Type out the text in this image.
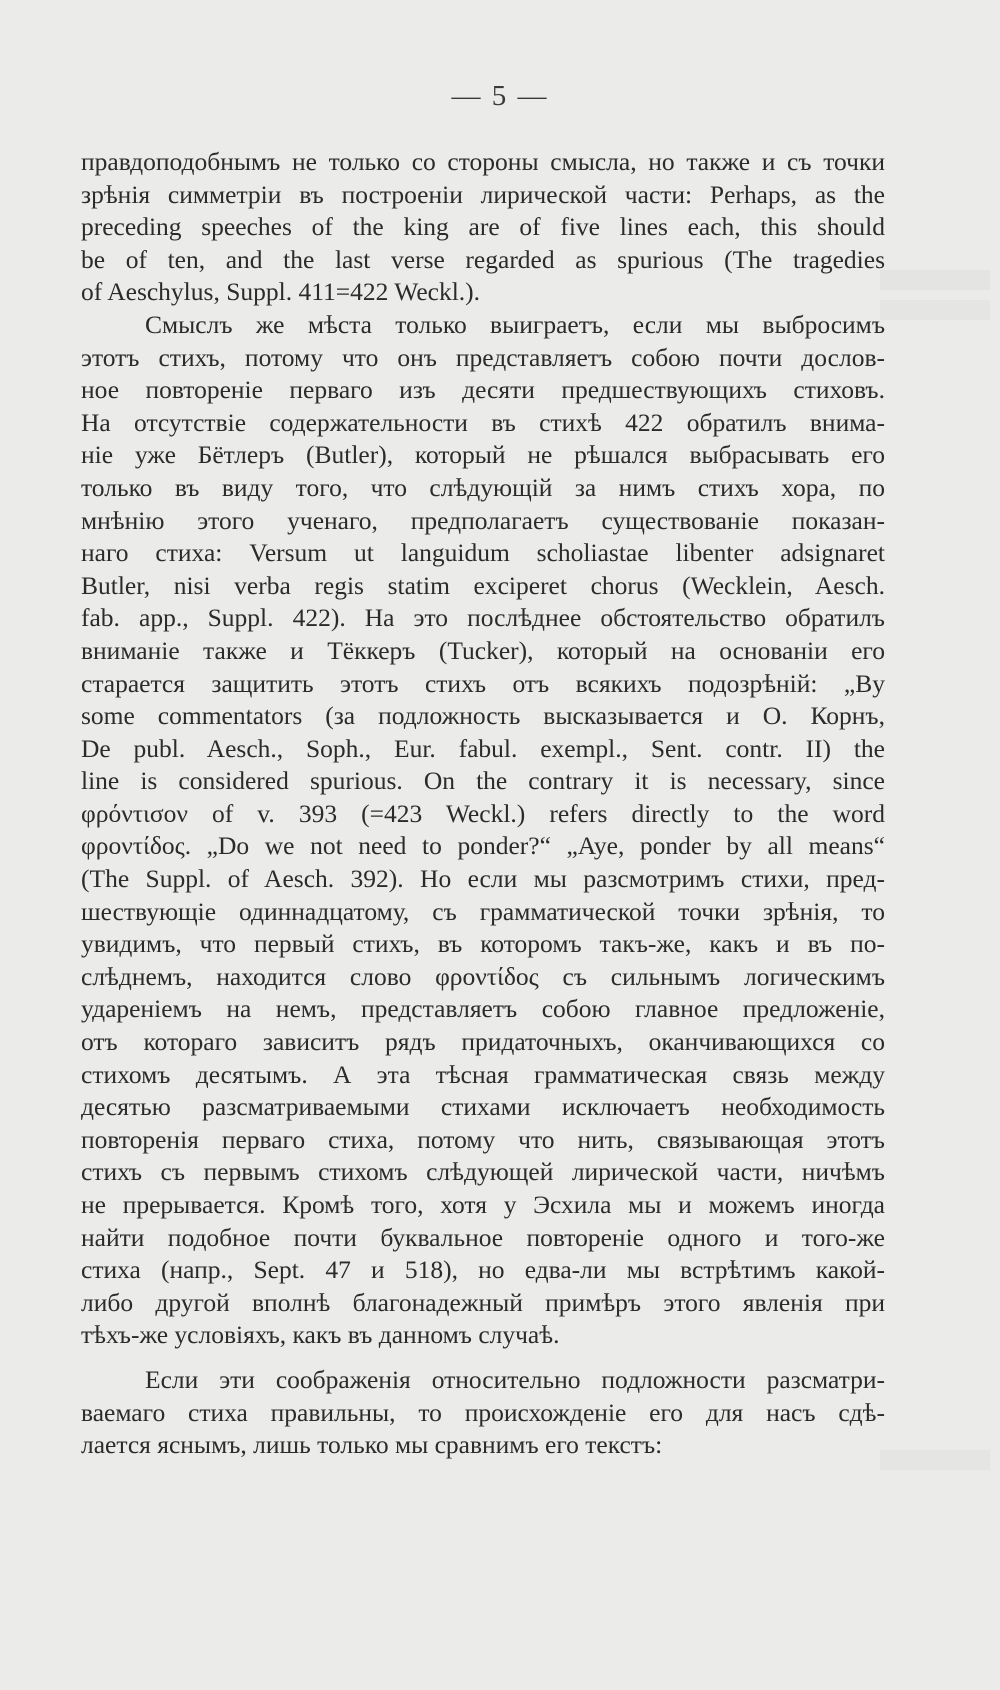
— 5 —
правдоподобнымъ не только со стороны смысла, но также и съ точки
зрѣнія симметріи въ построеніи лирической части: Perhaps, as the
preceding speeches of the king are of five lines each, this should
be of ten, and the last verse regarded as spurious (The tragedies
of Aeschylus, Suppl. 411=422 Weckl.).
Смыслъ же мѣста только выиграетъ, если мы выбросимъ
этотъ стихъ, потому что онъ представляетъ собою почти дослов-
ное повтореніе перваго изъ десяти предшествующихъ стиховъ.
На отсутствіе содержательности въ стихѣ 422 обратилъ внима-
ніе уже Бётлеръ (Butler), который не рѣшался выбрасывать его
только въ виду того, что слѣдующій за нимъ стихъ хора, по
мнѣнію этого ученаго, предполагаетъ существованіе показан-
наго стиха: Versum ut languidum scholiastae libenter adsignaret
Butler, nisi verba regis statim exciperet chorus (Wecklein, Aesch.
fab. app., Suppl. 422). На это послѣднее обстоятельство обратилъ
вниманіе также и Тёккеръ (Tucker), который на основаніи его
старается защитить этотъ стихъ отъ всякихъ подозрѣній: „By
some commentators (за подложность высказывается и О. Корнъ,
De publ. Aesch., Soph., Eur. fabul. exempl., Sent. contr. II) the
line is considered spurious. On the contrary it is necessary, since
φρόντισον of v. 393 (=423 Weckl.) refers directly to the word
φροντίδος. „Do we not need to ponder?“ „Aye, ponder by all means“
(The Suppl. of Aesch. 392). Но если мы разсмотримъ стихи, пред-
шествующіе одиннадцатому, съ грамматической точки зрѣнія, то
увидимъ, что первый стихъ, въ которомъ такъ-же, какъ и въ по-
слѣднемъ, находится слово φροντίδος съ сильнымъ логическимъ
удареніемъ на немъ, представляетъ собою главное предложеніе,
отъ котораго зависитъ рядъ придаточныхъ, оканчивающихся со
стихомъ десятымъ. А эта тѣсная грамматическая связь между
десятью разсматриваемыми стихами исключаетъ необходимость
повторенія перваго стиха, потому что нить, связывающая этотъ
стихъ съ первымъ стихомъ слѣдующей лирической части, ничѣмъ
не прерывается. Кромѣ того, хотя у Эсхила мы и можемъ иногда
найти подобное почти буквальное повтореніе одного и того-же
стиха (напр., Sept. 47 и 518), но едва-ли мы встрѣтимъ какой-
либо другой вполнѣ благонадежный примѣръ этого явленія при
тѣхъ-же условіяхъ, какъ въ данномъ случаѣ.
Если эти соображенія относительно подложности разсматри-
ваемаго стиха правильны, то происхожденіе его для насъ сдѣ-
лается яснымъ, лишь только мы сравнимъ его текстъ:
